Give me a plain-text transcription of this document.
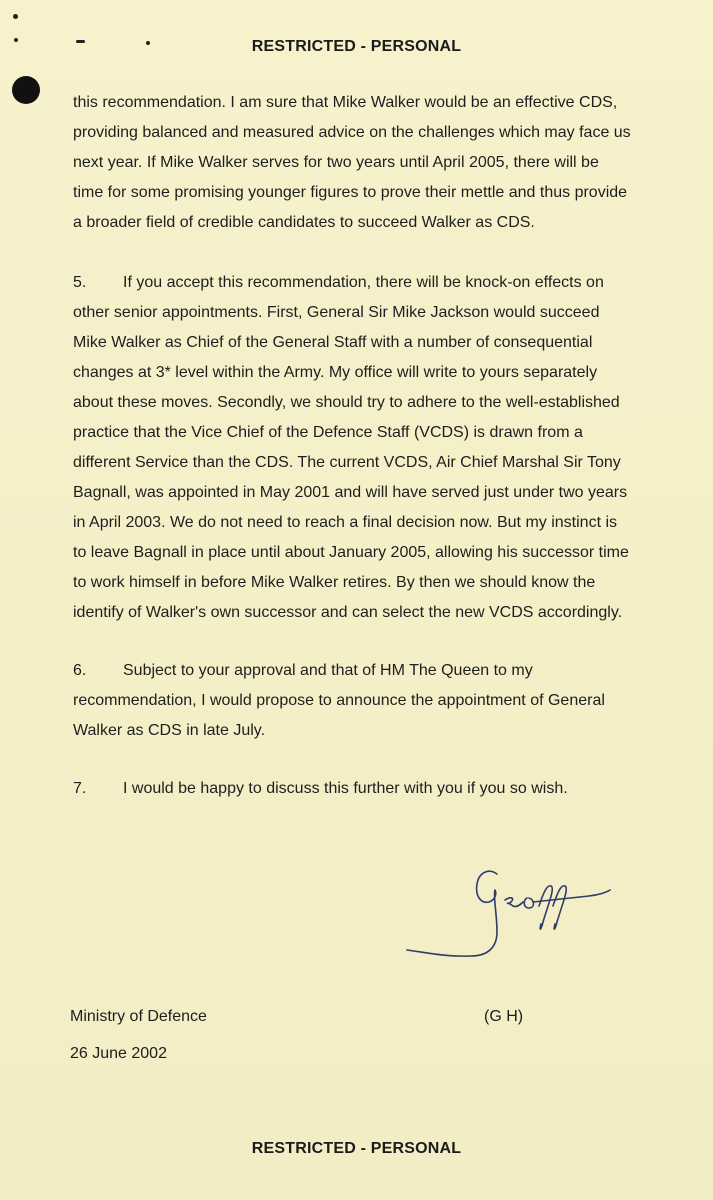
RESTRICTED - PERSONAL
this recommendation. I am sure that Mike Walker would be an effective CDS,
providing balanced and measured advice on the challenges which may face us
next year. If Mike Walker serves for two years until April 2005, there will be
time for some promising younger figures to prove their mettle and thus provide
a broader field of credible candidates to succeed Walker as CDS.
5. If you accept this recommendation, there will be knock-on effects on
other senior appointments. First, General Sir Mike Jackson would succeed
Mike Walker as Chief of the General Staff with a number of consequential
changes at 3* level within the Army. My office will write to yours separately
about these moves. Secondly, we should try to adhere to the well-established
practice that the Vice Chief of the Defence Staff (VCDS) is drawn from a
different Service than the CDS. The current VCDS, Air Chief Marshal Sir Tony
Bagnall, was appointed in May 2001 and will have served just under two years
in April 2003. We do not need to reach a final decision now. But my instinct is
to leave Bagnall in place until about January 2005, allowing his successor time
to work himself in before Mike Walker retires. By then we should know the
identify of Walker's own successor and can select the new VCDS accordingly.
6. Subject to your approval and that of HM The Queen to my
recommendation, I would propose to announce the appointment of General
Walker as CDS in late July.
7. I would be happy to discuss this further with you if you so wish.
Ministry of Defence	(G H)
26 June 2002
RESTRICTED - PERSONAL
